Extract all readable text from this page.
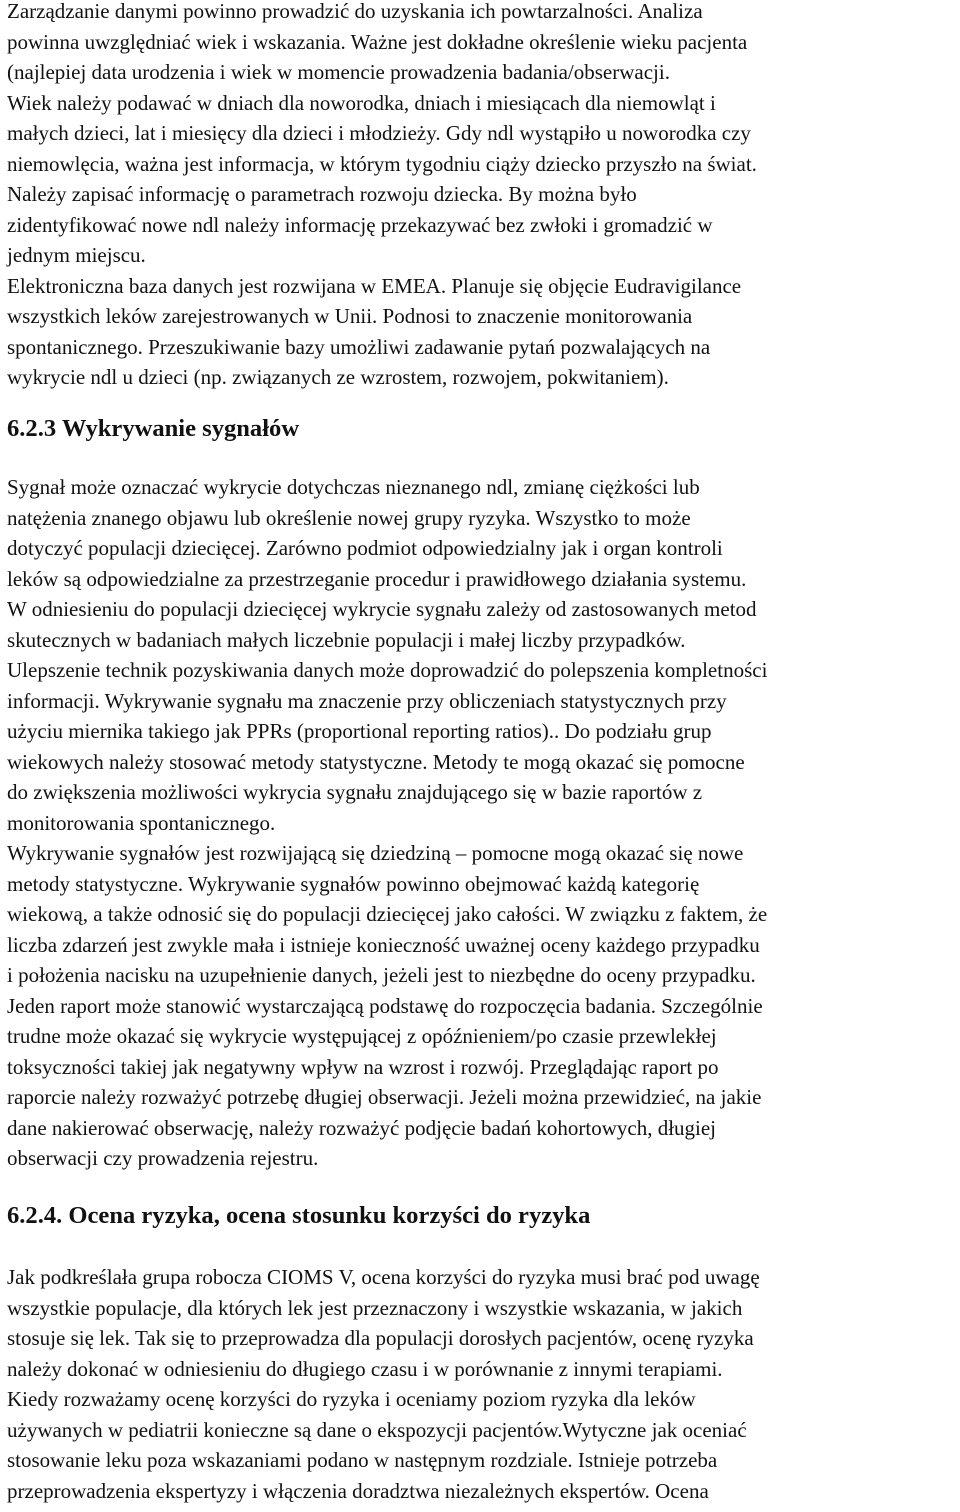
Zarządzanie danymi powinno prowadzić do uzyskania ich powtarzalności. Analiza
powinna uwzględniać wiek i wskazania. Ważne jest dokładne określenie wieku pacjenta
(najlepiej data urodzenia i wiek w momencie prowadzenia badania/obserwacji.
Wiek należy podawać w dniach dla noworodka, dniach i miesiącach dla niemowląt i
małych dzieci, lat i miesięcy dla dzieci i młodzieży. Gdy ndl wystąpiło u noworodka czy
niemowlęcia, ważna jest informacja, w którym tygodniu ciąży dziecko przyszło na świat.
Należy zapisać informację o parametrach rozwoju dziecka. By można było
zidentyfikować nowe ndl należy informację przekazywać bez zwłoki i gromadzić w
jednym miejscu.

Elektroniczna baza danych jest rozwijana w EMEA. Planuje się objęcie Eudravigilance
wszystkich leków zarejestrowanych w Unii. Podnosi to znaczenie monitorowania
spontanicznego. Przeszukiwanie bazy umożliwi zadawanie pytań pozwalających na
wykrycie ndl u dzieci (np. związanych ze wzrostem, rozwojem, pokwitaniem).

6.2.3 Wykrywanie sygnałów

Sygnał może oznaczać wykrycie dotychczas nieznanego ndl, zmianę ciężkości lub
natężenia znanego objawu lub określenie nowej grupy ryzyka. Wszystko to może
dotyczyć populacji dziecięcej. Zarówno podmiot odpowiedzialny jak i organ kontroli
leków są odpowiedzialne za przestrzeganie procedur i prawidłowego działania systemu.
W odniesieniu do populacji dziecięcej wykrycie sygnału zależy od zastosowanych metod
skutecznych w badaniach małych liczebnie populacji i małej liczby przypadków.
Ulepszenie technik pozyskiwania danych może doprowadzić do polepszenia kompletności
informacji. Wykrywanie sygnału ma znaczenie przy obliczeniach statystycznych przy
użyciu miernika takiego jak PPRs (proportional reporting ratios).. Do podziału grup
wiekowych należy stosować metody statystyczne. Metody te mogą okazać się pomocne
do zwiększenia możliwości wykrycia sygnału znajdującego się w bazie raportów z
monitorowania spontanicznego.

Wykrywanie sygnałów jest rozwijającą się dziedziną – pomocne mogą okazać się nowe
metody statystyczne. Wykrywanie sygnałów powinno obejmować każdą kategorię
wiekową, a także odnosić się do populacji dziecięcej jako całości. W związku z faktem, że
liczba zdarzeń jest zwykle mała i istnieje konieczność uważnej oceny każdego przypadku
i położenia nacisku na uzupełnienie danych, jeżeli jest to niezbędne do oceny przypadku.
Jeden raport może stanowić wystarczającą podstawę do rozpoczęcia badania. Szczególnie
trudne może okazać się wykrycie występującej z opóźnieniem/po czasie przewlekłej
toksyczności takiej jak negatywny wpływ na wzrost i rozwój. Przeglądając raport po
raporcie należy rozważyć potrzebę długiej obserwacji. Jeżeli można przewidzieć, na jakie
dane nakierować obserwację, należy rozważyć podjęcie badań kohortowych, długiej
obserwacji czy prowadzenia rejestru.

6.2.4. Ocena ryzyka, ocena stosunku korzyści do ryzyka

Jak podkreślała grupa robocza CIOMS V, ocena korzyści do ryzyka musi brać pod uwagę
wszystkie populacje, dla których lek jest przeznaczony i wszystkie wskazania, w jakich
stosuje się lek. Tak się to przeprowadza dla populacji dorosłych pacjentów, ocenę ryzyka
należy dokonać w odniesieniu do długiego czasu i w porównanie z innymi terapiami.
Kiedy rozważamy ocenę korzyści do ryzyka i oceniamy poziom ryzyka dla leków
używanych w pediatrii konieczne są dane o ekspozycji pacjentów.Wytyczne jak oceniać
stosowanie leku poza wskazaniami podano w następnym rozdziale. Istnieje potrzeba
przeprowadzenia ekspertyzy i włączenia doradztwa niezależnych ekspertów. Ocena
